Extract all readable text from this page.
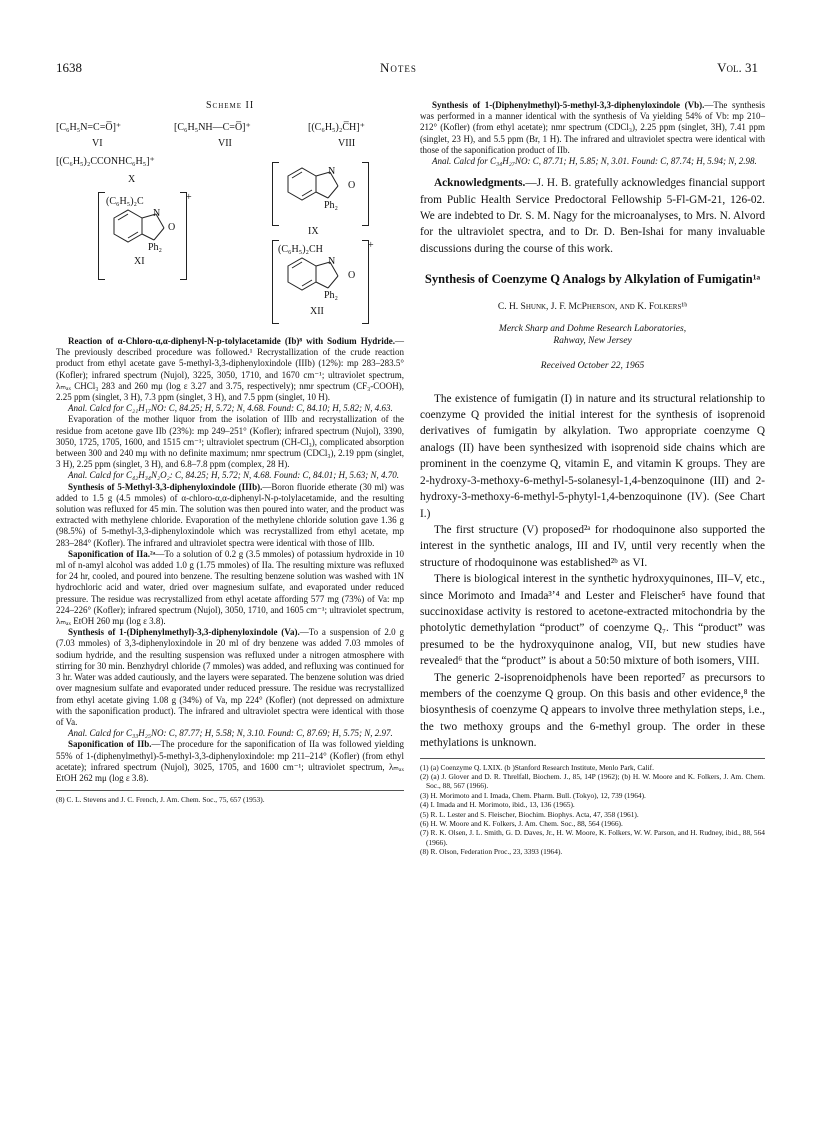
1638	Notes	Vol. 31
Scheme II
[C₆H₅N=C=O̅]⁺
VI
[C₆H₅NH—C=O̅]⁺
VII
[(C₆H₅)₂C̅H]⁺
VIII
[(C₆H₅)₂CCONHC₆H₅]⁺
X
N
O
Ph₂
IX
+
(C₆H₅)₂C
N
O
Ph₂
XI
+
(C₆H₅)₂CH
N
O
Ph₂
XII

Reaction of α-Chloro-α,α-diphenyl-N-p-tolylacetamide (Ib)⁸ with Sodium Hydride.—The previously described procedure was followed.¹ Recrystallization of the crude reaction product from ethyl acetate gave 5-methyl-3,3-diphenyloxindole (IIIb) (12%): mp 283–283.5° (Kofler); infrared spectrum (Nujol), 3225, 3050, 1710, and 1670 cm⁻¹; ultraviolet spectrum, λₘₐₓ CHCl₃ 283 and 260 mμ (log ε 3.27 and 3.75, respectively); nmr spectrum (CF₃-COOH), 2.25 ppm (singlet, 3 H), 7.3 ppm (singlet, 3 H), and 7.5 ppm (singlet, 10 H).

Anal. Calcd for C₂₁H₁₇NO: C, 84.25; H, 5.72; N, 4.68. Found: C, 84.10; H, 5.82; N, 4.63.

Evaporation of the mother liquor from the isolation of IIIb and recrystallization of the residue from acetone gave IIb (23%): mp 249–251° (Kofler); infrared spectrum (Nujol), 3390, 3050, 1725, 1705, 1600, and 1515 cm⁻¹; ultraviolet spectrum (CH-Cl₃), complicated absorption between 300 and 240 mμ with no definite maximum; nmr spectrum (CDCl₃), 2.19 ppm (singlet, 3 H), 2.25 ppm (singlet, 3 H), and 6.8–7.8 ppm (complex, 28 H).

Anal. Calcd for C₄₂H₃₄N₂O₂: C, 84.25; H, 5.72; N, 4.68. Found: C, 84.01; H, 5.63; N, 4.70.

Synthesis of 5-Methyl-3,3-diphenyloxindole (IIIb).—Boron fluoride etherate (30 ml) was added to 1.5 g (4.5 mmoles) of α-chloro-α,α-diphenyl-N-p-tolylacetamide, and the resulting solution was refluxed for 45 min. The solution was then poured into water, and the product was extracted with methylene chloride. Evaporation of the methylene chloride solution gave 1.36 g (98.5%) of 5-methyl-3,3-diphenyloxindole which was recrystallized from ethyl acetate, mp 283–284° (Kofler). The infrared and ultraviolet spectra were identical with those of IIIb.

Saponification of IIa.²ᵃ—To a solution of 0.2 g (3.5 mmoles) of potassium hydroxide in 10 ml of n-amyl alcohol was added 1.0 g (1.75 mmoles) of IIa. The resulting mixture was refluxed for 24 hr, cooled, and poured into benzene. The resulting benzene solution was washed with 1N hydrochloric acid and water, dried over magnesium sulfate, and evaporated under reduced pressure. The residue was recrystallized from ethyl acetate affording 577 mg (73%) of Va: mp 224–226° (Kofler); infrared spectrum (Nujol), 3050, 1710, and 1605 cm⁻¹; ultraviolet spectrum, λₘₐₓ EtOH 260 mμ (log ε 3.8).

Synthesis of 1-(Diphenylmethyl)-3,3-diphenyloxindole (Va).—To a suspension of 2.0 g (7.03 mmoles) of 3,3-diphenyloxindole in 20 ml of dry benzene was added 7.03 mmoles of sodium hydride, and the resulting suspension was refluxed under a nitrogen atmosphere with stirring for 30 min. Benzhydryl chloride (7 mmoles) was added, and refluxing was continued for 3 hr. Water was added cautiously, and the layers were separated. The benzene solution was dried over magnesium sulfate and evaporated under reduced pressure. The residue was recrystallized from ethyl acetate giving 1.08 g (34%) of Va, mp 224° (Kofler) (not depressed on admixture with the saponification product). The infrared and ultraviolet spectra were identical with those of Va.

Anal. Calcd for C₃₃H₂₅NO: C, 87.77; H, 5.58; N, 3.10. Found: C, 87.69; H, 5.75; N, 2.97.

Saponification of IIb.—The procedure for the saponification of IIa was followed yielding 55% of 1-(diphenylmethyl)-5-methyl-3,3-diphenyloxindole: mp 211–214° (Kofler) (from ethyl acetate); infrared spectrum (Nujol), 3025, 1705, and 1600 cm⁻¹; ultraviolet spectrum, λₘₐₓ EtOH 262 mμ (log ε 3.8).

(8) C. L. Stevens and J. C. French, J. Am. Chem. Soc., 75, 657 (1953).

Synthesis of 1-(Diphenylmethyl)-5-methyl-3,3-diphenyloxindole (Vb).—The synthesis was performed in a manner identical with the synthesis of Va yielding 54% of Vb: mp 210–212° (Kofler) (from ethyl acetate); nmr spectrum (CDCl₃), 2.25 ppm (singlet, 3H), 7.41 ppm (singlet, 23 H), and 5.5 ppm (Br, 1 H). The infrared and ultraviolet spectra were identical with those of the saponification product of IIb.

Anal. Calcd for C₃₄H₂₇NO: C, 87.71; H, 5.85; N, 3.01. Found: C, 87.74; H, 5.94; N, 2.98.

Acknowledgments.—J. H. B. gratefully acknowledges financial support from Public Health Service Predoctoral Fellowship 5-Fl-GM-21, 126-02. We are indebted to Dr. S. M. Nagy for the microanalyses, to Mrs. N. Alvord for the ultraviolet spectra, and to Dr. D. Ben-Ishai for many invaluable discussions during the course of this work.
Synthesis of Coenzyme Q Analogs by Alkylation of Fumigatin¹ᵃ
C. H. Shunk, J. F. McPherson, and K. Folkers¹ᵇ
Merck Sharp and Dohme Research Laboratories,
Rahway, New Jersey
Received October 22, 1965

The existence of fumigatin (I) in nature and its structural relationship to coenzyme Q provided the initial interest for the synthesis of isoprenoid derivatives of fumigatin by alkylation. Two appropriate coenzyme Q analogs (II) have been synthesized with isoprenoid side chains which are prominent in the coenzyme Q, vitamin E, and vitamin K groups. They are 2-hydroxy-3-methoxy-6-methyl-5-solanesyl-1,4-benzoquinone (III) and 2-hydroxy-3-methoxy-6-methyl-5-phytyl-1,4-benzoquinone (IV). (See Chart I.)

The first structure (V) proposed²ᵃ for rhodoquinone also supported the interest in the synthetic analogs, III and IV, until very recently when the structure of rhodoquinone was established²ᵇ as VI.

There is biological interest in the synthetic hydroxyquinones, III–V, etc., since Morimoto and Imada³ʼ⁴ and Lester and Fleischer⁵ have found that succinoxidase activity is restored to acetone-extracted mitochondria by the photolytic demethylation “product” of coenzyme Q₇. This “product” was presumed to be the hydroxyquinone analog, VII, but new studies have revealed⁶ that the “product” is about a 50:50 mixture of both isomers, VIII.

The generic 2-isoprenoidphenols have been reported⁷ as precursors to members of the coenzyme Q group. On this basis and other evidence,⁸ the biosynthesis of coenzyme Q appears to involve three methylation steps, i.e., the two methoxy groups and the 6-methyl group. The order in these methylations is unknown.

(1) (a) Coenzyme Q. LXIX. (b )Stanford Research Institute, Menlo Park, Calif.
(2) (a) J. Glover and D. R. Threlfall, Biochem. J., 85, 14P (1962); (b) H. W. Moore and K. Folkers, J. Am. Chem. Soc., 88, 567 (1966).
(3) H. Morimoto and I. Imada, Chem. Pharm. Bull. (Tokyo), 12, 739 (1964).
(4) I. Imada and H. Morimoto, ibid., 13, 136 (1965).
(5) R. L. Lester and S. Fleischer, Biochim. Biophys. Acta, 47, 358 (1961).
(6) H. W. Moore and K. Folkers, J. Am. Chem. Soc., 88, 564 (1966).
(7) R. K. Olsen, J. L. Smith, G. D. Daves, Jr., H. W. Moore, K. Folkers, W. W. Parson, and H. Rudney, ibid., 88, 564 (1966).
(8) R. Olson, Federation Proc., 23, 3393 (1964).
